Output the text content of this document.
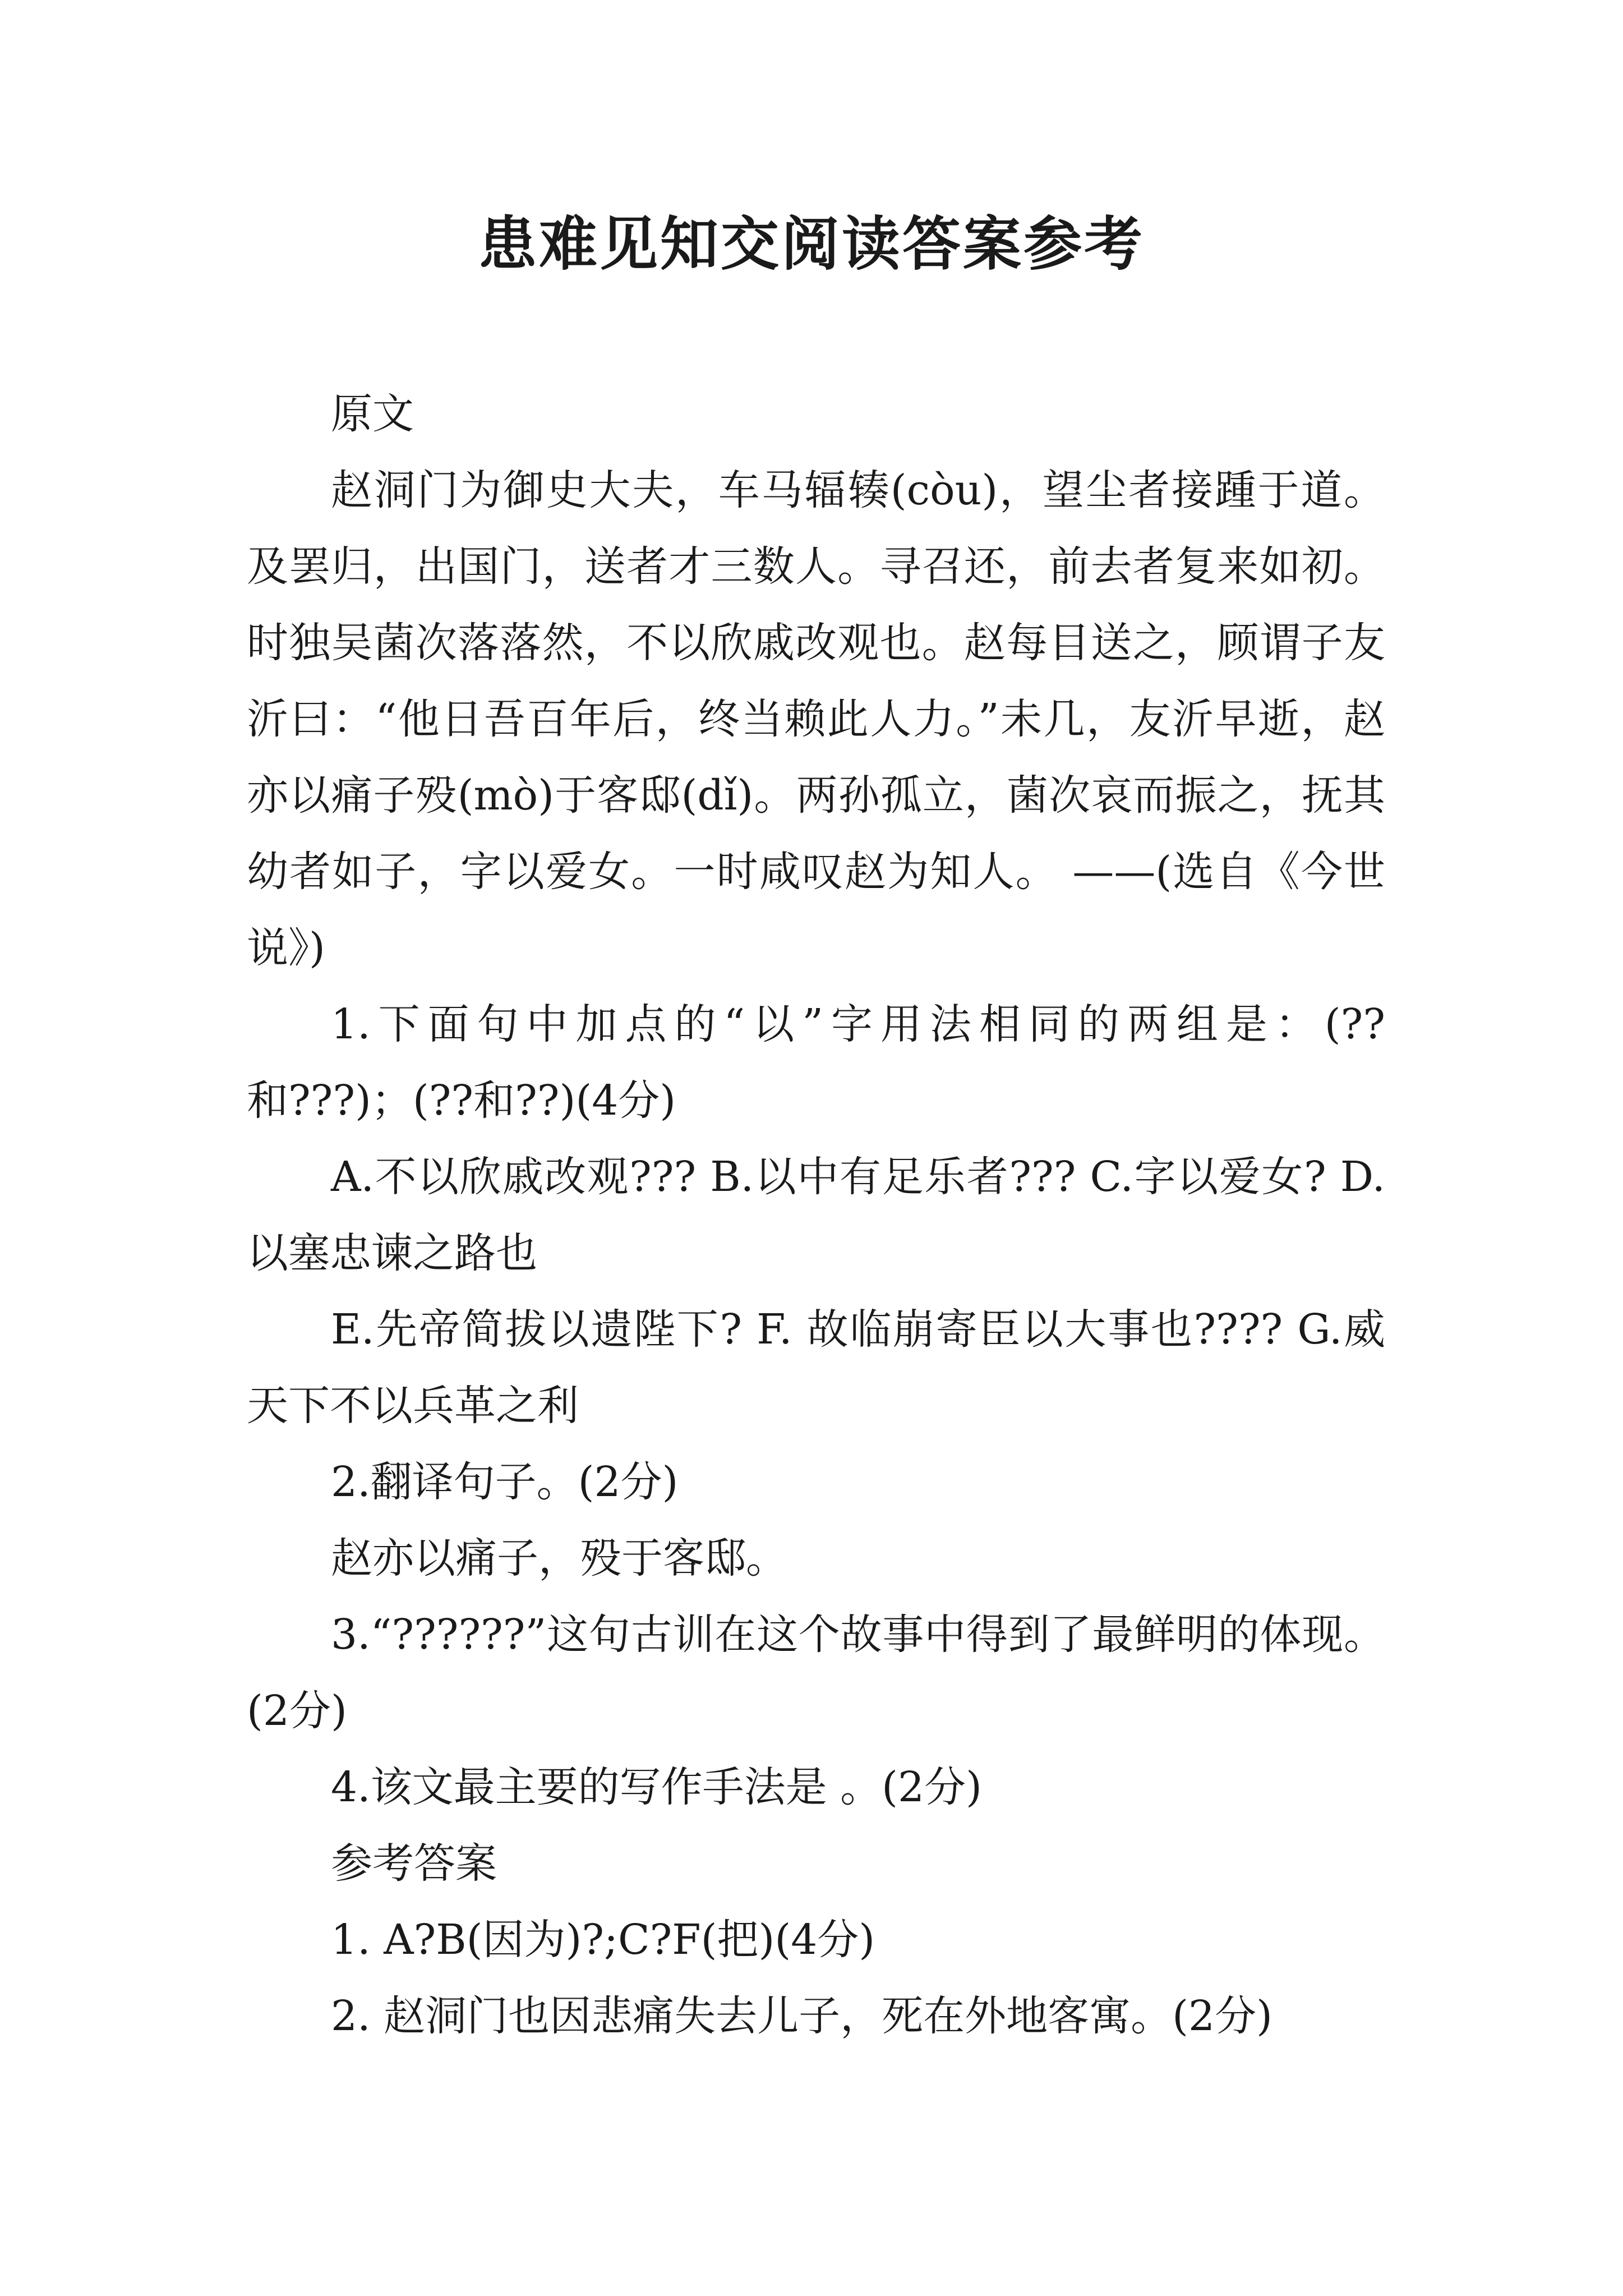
患难见知交阅读答案参考

原文

赵洞门为御史大夫，车马辐辏(còu)，望尘者接踵于道。及罢归，出国门，送者才三数人。寻召还，前去者复来如初。时独吴菌次落落然，不以欣戚改观也。赵每目送之，顾谓子友沂曰：“他日吾百年后，终当赖此人力。”未几，友沂早逝，赵亦以痛子殁(mò)于客邸(dǐ)。两孙孤立，菌次哀而振之，抚其幼者如子，字以爱女。一时咸叹赵为知人。 ——(选自《今世说》)

1.下面句中加点的“以”字用法相同的两组是：(??和???)；(??和??)(4分)

A.不以欣戚改观??? B.以中有足乐者??? C.字以爱女? D.以塞忠谏之路也

E.先帝简拔以遗陛下? F. 故临崩寄臣以大事也???? G.威天下不以兵革之利

2.翻译句子。(2分)

赵亦以痛子，殁于客邸。

3.“??????”这句古训在这个故事中得到了最鲜明的体现。(2分)

4.该文最主要的写作手法是 。(2分)

参考答案

1. A?B(因为)?;C?F(把)(4分)

2. 赵洞门也因悲痛失去儿子，死在外地客寓。(2分)
